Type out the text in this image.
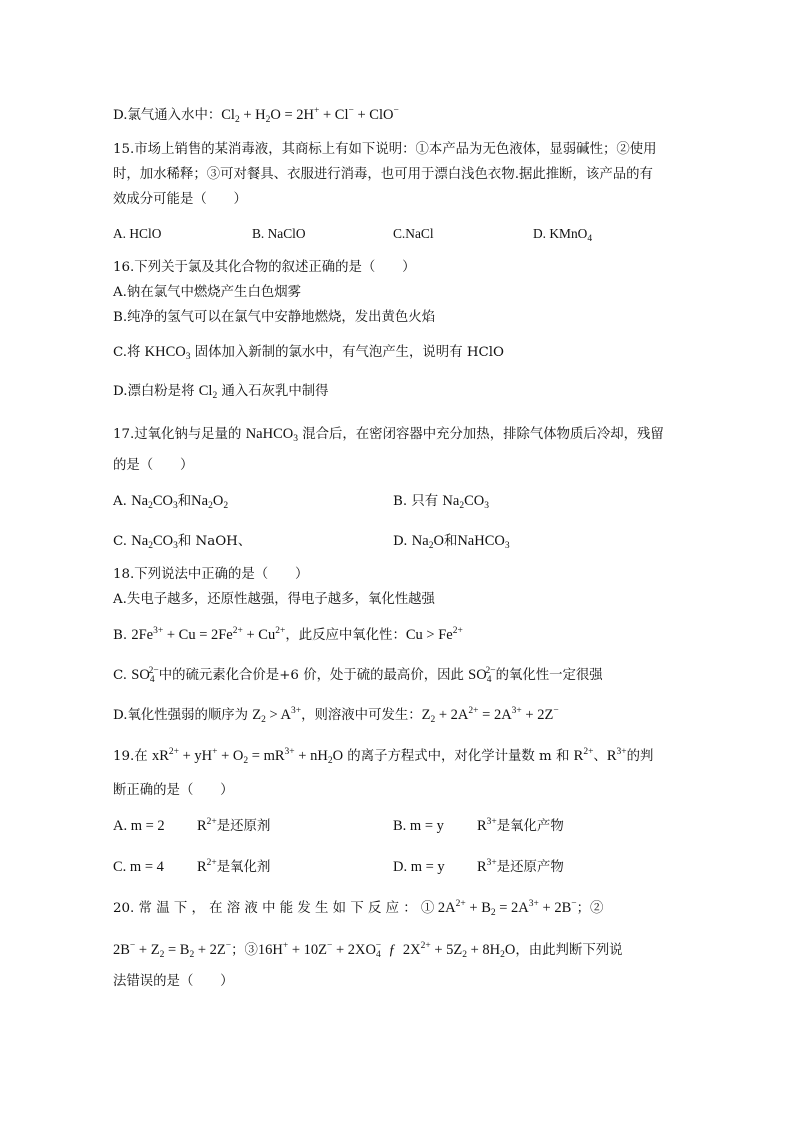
D.氯气通入水中：$Cl_2 + H_2O = 2H^+ + Cl^- + ClO^-$
15.市场上销售的某消毒液，其商标上有如下说明：①本产品为无色液体，显弱碱性；②使用
时，加水稀释；③可对餐具、衣服进行消毒，也可用于漂白浅色衣物.据此推断，该产品的有
效成分可能是（　　）
A. HClO	B. NaClO	C.NaCl	D. KMnO$_4$
16.下列关于氯及其化合物的叙述正确的是（　　）
A.钠在氯气中燃烧产生白色烟雾
B.纯净的氢气可以在氯气中安静地燃烧，发出黄色火焰
C.将 $KHCO_3$ 固体加入新制的氯水中，有气泡产生，说明有 HClO
D.漂白粉是将 $Cl_2$ 通入石灰乳中制得
17.过氧化钠与足量的 NaHCO$_3$ 混合后，在密闭容器中充分加热，排除气体物质后冷却，残留
的是（　　）
A. $Na_2CO_3$和$Na_2O_2$	B. 只有 $Na_2CO_3$
C. $Na_2CO_3$和 NaOH、	D. $Na_2O$和NaHCO$_3$
18.下列说法中正确的是（　　）
A.失电子越多，还原性越强，得电子越多，氧化性越强
B. $2Fe^{3+} + Cu = 2Fe^{2+} + Cu^{2+}$，此反应中氧化性：$Cu > Fe^{2+}$
C. $SO_4^{2-}$中的硫元素化合价是+6 价，处于硫的最高价，因此 $SO_4^{2-}$的氧化性一定很强
D.氧化性强弱的顺序为 $Z_2 > A^{3+}$，则溶液中可发生：$Z_2 + 2A^{2+} = 2A^{3+} + 2Z^-$
19.在 $xR^{2+} + yH^+ + O_2 = mR^{3+} + nH_2O$ 的离子方程式中，对化学计量数 m 和 $R^{2+}$、$R^{3+}$的判
断正确的是（　　）
A. m = 2 $R^{2+}$是还原剂	B. m = y $R^{3+}$是氧化产物
C. m = 4 $R^{2+}$是氧化剂	D. m = y $R^{3+}$是还原产物
20. 常 温 下 ， 在 溶 液 中 能 发 生 如 下 反 应 ： ① $2A^{2+} + B_2 = 2A^{3+} + 2B^-$；②
$2B^- + Z_2 = B_2 + 2Z^-$；③16H+ + $10Z^- + 2XO_4^-$  ƒ  $2X^{2+} + 5Z_2 + 8H_2O$，由此判断下列说
法错误的是（　　）
